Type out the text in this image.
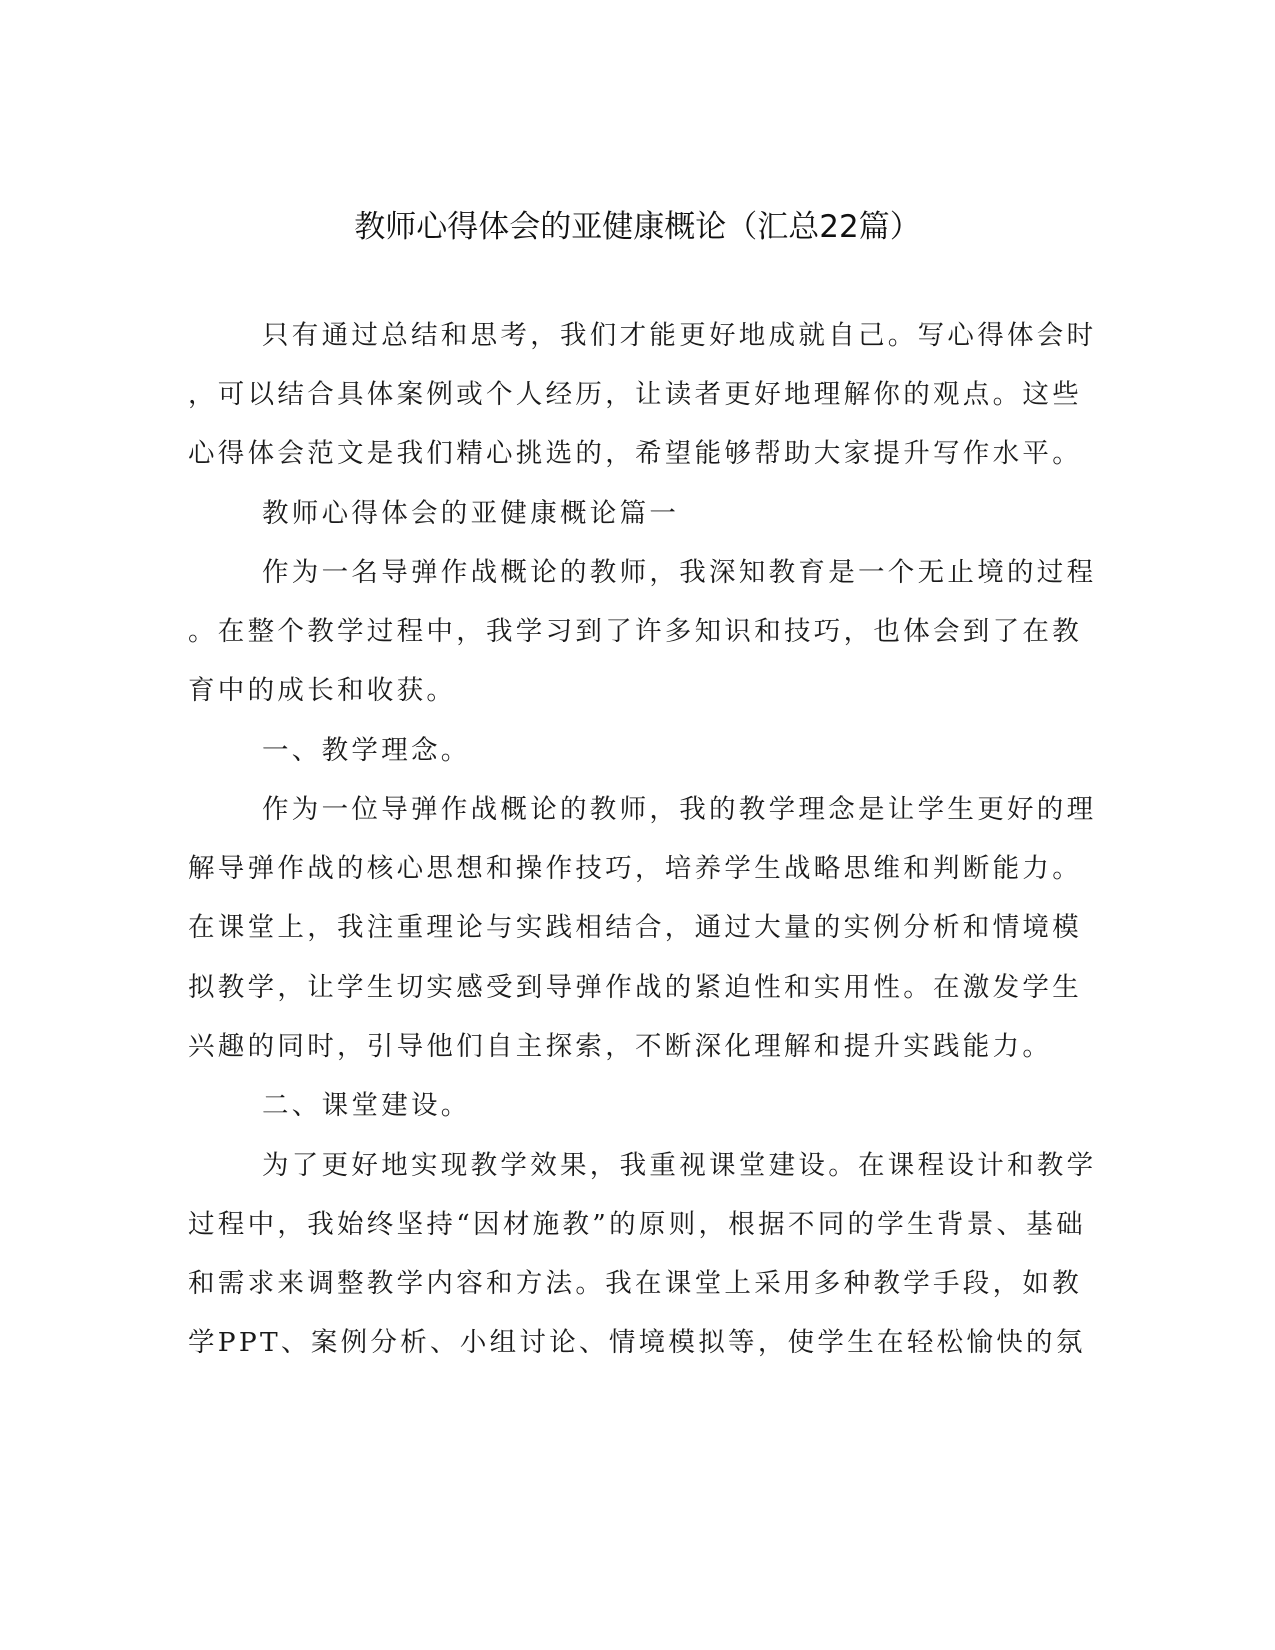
教师心得体会的亚健康概论（汇总22篇）
只有通过总结和思考，我们才能更好地成就自己。写心得体会时
，可以结合具体案例或个人经历，让读者更好地理解你的观点。这些
心得体会范文是我们精心挑选的，希望能够帮助大家提升写作水平。
教师心得体会的亚健康概论篇一
作为一名导弹作战概论的教师，我深知教育是一个无止境的过程
。在整个教学过程中，我学习到了许多知识和技巧，也体会到了在教
育中的成长和收获。
一、教学理念。
作为一位导弹作战概论的教师，我的教学理念是让学生更好的理
解导弹作战的核心思想和操作技巧，培养学生战略思维和判断能力。
在课堂上，我注重理论与实践相结合，通过大量的实例分析和情境模
拟教学，让学生切实感受到导弹作战的紧迫性和实用性。在激发学生
兴趣的同时，引导他们自主探索，不断深化理解和提升实践能力。
二、课堂建设。
为了更好地实现教学效果，我重视课堂建设。在课程设计和教学
过程中，我始终坚持“因材施教”的原则，根据不同的学生背景、基础
和需求来调整教学内容和方法。我在课堂上采用多种教学手段，如教
学PPT、案例分析、小组讨论、情境模拟等，使学生在轻松愉快的氛
